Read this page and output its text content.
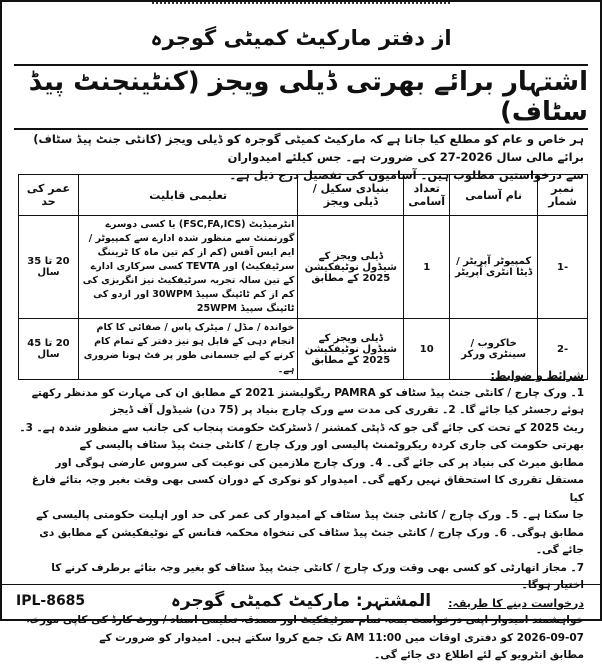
از دفتر مارکیٹ کمیٹی گوجرہ
اشتہار برائے بھرتی ڈیلی ویجز (کنٹینجنٹ پیڈ سٹاف)
ہر خاص و عام کو مطلع کیا جاتا ہے کہ مارکیٹ کمیٹی گوجرہ کو ڈیلی ویجز (کانٹی جنٹ پیڈ سٹاف) برائے مالی سال 2026-27 کی ضرورت ہے۔ جس کیلئے امیدواران
سے درخواستیں مطلوب ہیں۔ آسامیوں کی تفصیل درج ذیل ہے۔
نمبر شمار	نام آسامی	تعداد آسامی	بنیادی سکیل / ڈیلی ویجز	تعلیمی قابلیت	عمر کی حد
-1	کمپیوٹر آپریٹر / ڈیٹا انٹری آپریٹر	1	ڈیلی ویجز کے شیڈول نوٹیفکیشن 2025 کے مطابق	انٹرمیڈیٹ (FSC,FA,ICS) یا کسی دوسرے گورنمنٹ سے منظور شدہ ادارے سے کمپیوٹر / ایم ایس آفس (کم از کم تین ماہ کا ٹریننگ سرٹیفکیٹ) اور TEVTA کسی سرکاری ادارے کے تین سالہ تجربہ سرٹیفکیٹ نیز انگریزی کی کم از کم ٹائپنگ سپیڈ 30WPM اور اردو کی ٹائپنگ سپیڈ 25WPM	20 تا 35 سال
-2	خاکروب / سینٹری ورکر	10	ڈیلی ویجز کے شیڈول نوٹیفکیشن 2025 کے مطابق	خواندہ / مڈل / میٹرک پاس / صفائی کا کام انجام دہی کے قابل ہو نیز دفتر کے تمام کام کرنے کے لیے جسمانی طور پر فٹ ہونا ضروری ہے۔	20 تا 45 سال

شرائط و ضوابط:

1۔ ورک چارج / کانٹی جنٹ پیڈ سٹاف کو PAMRA ریگولیشنز 2021 کے مطابق ان کی مہارت کو مدنظر رکھتے ہوئے رجسٹر کیا جائے گا۔ 2۔ تقرری کی مدت سے ورک چارج بنیاد پر (75 دن) شیڈول آف ڈیجز

ریٹ 2025 کے تحت کی جائے گی جو کہ ڈپٹی کمشنر / ڈسٹرکٹ حکومت پنجاب کی جانب سے منظور شدہ ہے۔ 3۔ بھرتی حکومت کی جاری کردہ ریکروٹمنٹ پالیسی اور ورک چارج / کانٹی جنٹ پیڈ سٹاف پالیسی کے

مطابق میرٹ کی بنیاد پر کی جائے گی۔ 4۔ ورک چارج ملازمین کی نوعیت کی سروس عارضی ہوگی اور مستقل تقرری کا استحقاق نہیں رکھے گی۔ امیدوار کو نوکری کے دوران کسی بھی وقت بغیر وجہ بتائے فارغ کیا

جا سکتا ہے۔ 5۔ ورک چارج / کانٹی جنٹ پیڈ سٹاف کے امیدوار کی عمر کی حد اور اہلیت حکومتی پالیسی کے مطابق ہوگی۔ 6۔ ورک چارج / کانٹی جنٹ پیڈ سٹاف کی تنخواہ محکمہ فنانس کے نوٹیفکیشن کے مطابق دی جائے گی۔

7۔ مجاز اتھارٹی کو کسی بھی وقت ورک چارج / کانٹی جنٹ پیڈ سٹاف کو بغیر وجہ بتائے برطرف کرنے کا اختیار ہوگا۔

درخواست دینے کا طریقہ:

خواہشمند امیدوار اپنی درخواست بمعہ تمام سرٹیفکیٹ اور مصدقہ تعلیمی اسناد / وزٹ کارڈ کی کاپی مورخہ 07-09-2026 کو دفتری اوقات میں 11:00 AM تک جمع کروا سکتے ہیں۔ امیدوار کو ضرورت کے

مطابق انٹرویو کے لئے اطلاع دی جائے گی۔

IPL-8685	المشتہر: مارکیٹ کمیٹی گوجرہ
